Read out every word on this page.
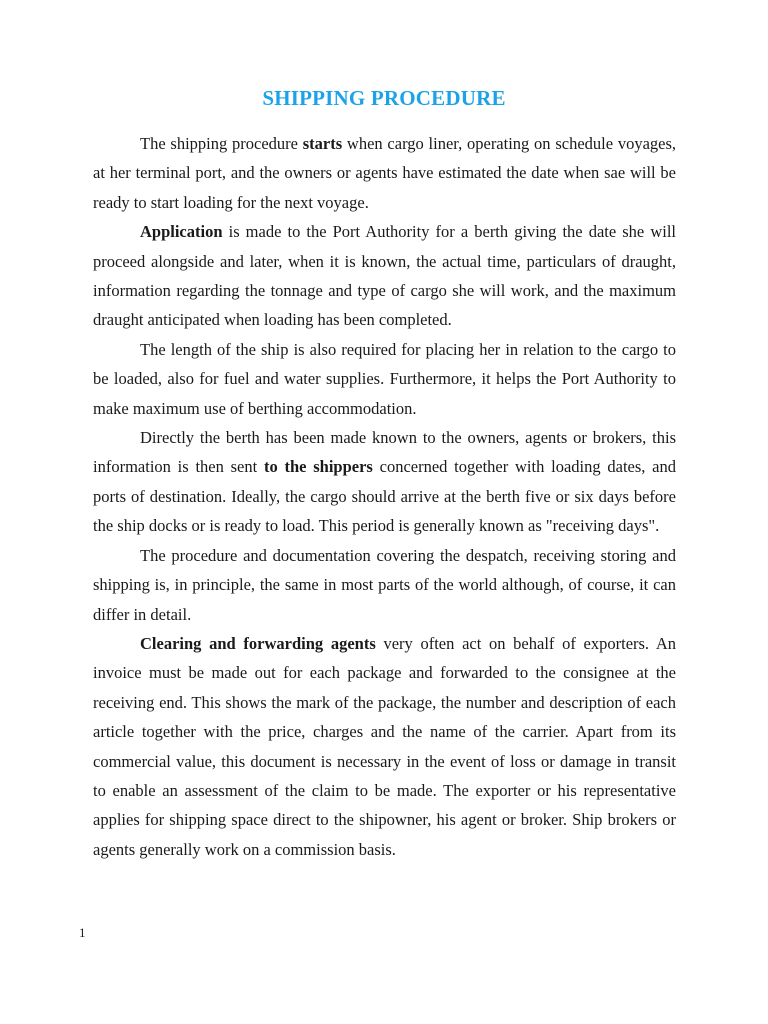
SHIPPING PROCEDURE

The shipping procedure starts when cargo liner, operating on schedule voyages, at her terminal port, and the owners or agents have estimated the date when sae will be ready to start loading for the next voyage.

Application is made to the Port Authority for a berth giving the date she will proceed alongside and later, when it is known, the actual time, particulars of draught, information regarding the tonnage and type of cargo she will work, and the maximum draught anticipated when loading has been completed.

The length of the ship is also required for placing her in relation to the cargo to be loaded, also for fuel and water supplies. Furthermore, it helps the Port Authority to make maximum use of berthing accommodation.

Directly the berth has been made known to the owners, agents or brokers, this information is then sent to the shippers concerned together with loading dates, and ports of destination. Ideally, the cargo should arrive at the berth five or six days before the ship docks or is ready to load. This period is generally known as "receiving days".

The procedure and documentation covering the despatch, receiving storing and shipping is, in principle, the same in most parts of the world although, of course, it can differ in detail.

Clearing and forwarding agents very often act on behalf of exporters. An invoice must be made out for each package and forwarded to the consignee at the receiving end. This shows the mark of the package, the number and description of each article together with the price, charges and the name of the carrier. Apart from its commercial value, this document is necessary in the event of loss or damage in transit to enable an assessment of the claim to be made. The exporter or his representative applies for shipping space direct to the shipowner, his agent or broker. Ship brokers or agents generally work on a commission basis.

1
